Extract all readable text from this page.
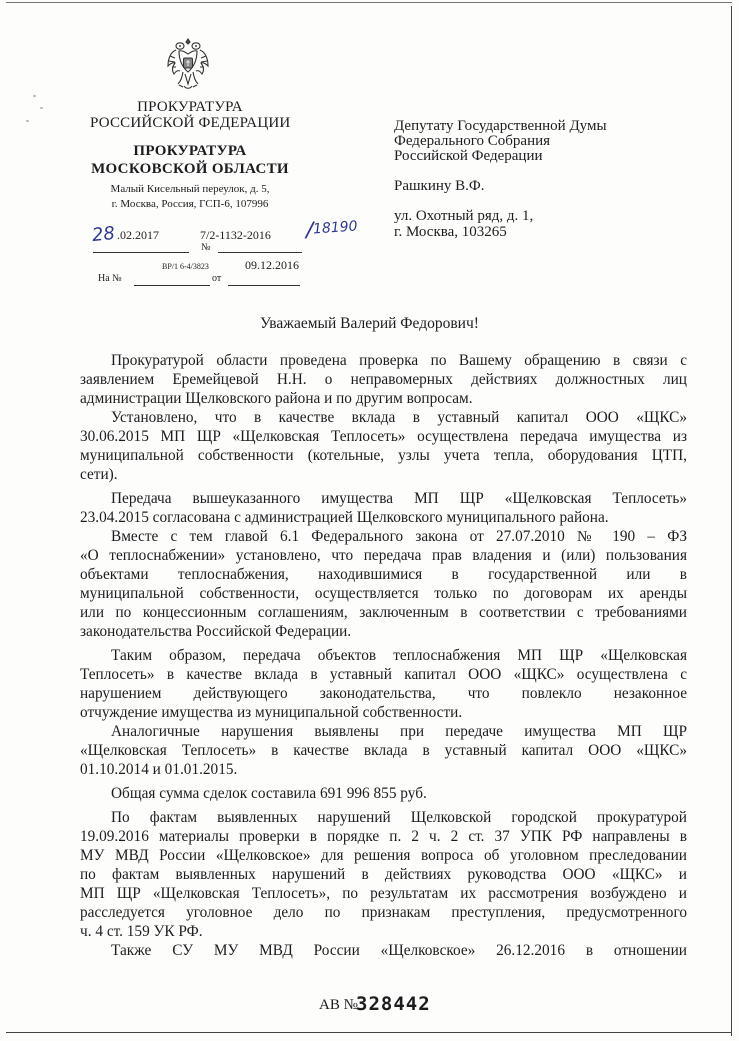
ПРОКУРАТУРА
РОССИЙСКОЙ ФЕДЕРАЦИИ
ПРОКУРАТУРА
МОСКОВСКОЙ ОБЛАСТИ
Малый Кисельный переулок, д. 5,
г. Москва, Россия, ГСП-6, 107996
28 .02.2017	7/2-1132-2016 /
18190
№
ВР/1 6-4/3823	09.12.2016
На №	от
Депутату Государственной Думы
Федерального Собрания
Российской Федерации
Рашкину В.Ф.
ул. Охотный ряд, д. 1,
г. Москва, 103265
Уважаемый Валерий Федорович!
Прокуратурой области проведена проверка по Вашему обращению в связи с
заявлением Еремейцевой Н.Н. о неправомерных действиях должностных лиц
администрации Щелковского района и по другим вопросам.
Установлено, что в качестве вклада в уставный капитал ООО «ЩКС»
30.06.2015 МП ЩР «Щелковская Теплосеть» осуществлена передача имущества из
муниципальной собственности (котельные, узлы учета тепла, оборудования ЦТП,
сети).
Передача вышеуказанного имущества МП ЩР «Щелковская Теплосеть»
23.04.2015 согласована с администрацией Щелковского муниципального района.
Вместе с тем главой 6.1 Федерального закона от 27.07.2010 № 190 – ФЗ
«О теплоснабжении» установлено, что передача прав владения и (или) пользования
объектами теплоснабжения, находившимися в государственной или в
муниципальной собственности, осуществляется только по договорам их аренды
или по концессионным соглашениям, заключенным в соответствии с требованиями
законодательства Российской Федерации.
Таким образом, передача объектов теплоснабжения МП ЩР «Щелковская
Теплосеть» в качестве вклада в уставный капитал ООО «ЩКС» осуществлена с
нарушением действующего законодательства, что повлекло незаконное
отчуждение имущества из муниципальной собственности.
Аналогичные нарушения выявлены при передаче имущества МП ЩР
«Щелковская Теплосеть» в качестве вклада в уставный капитал ООО «ЩКС»
01.10.2014 и 01.01.2015.
Общая сумма сделок составила 691 996 855 руб.
По фактам выявленных нарушений Щелковской городской прокуратурой
19.09.2016 материалы проверки в порядке п. 2 ч. 2 ст. 37 УПК РФ направлены в
МУ МВД России «Щелковское» для решения вопроса об уголовном преследовании
по фактам выявленных нарушений в действиях руководства ООО «ЩКС» и
МП ЩР «Щелковская Теплосеть», по результатам их рассмотрения возбуждено и
расследуется уголовное дело по признакам преступления, предусмотренного
ч. 4 ст. 159 УК РФ.
Также СУ МУ МВД России «Щелковское» 26.12.2016 в отношении
АВ №
328442
